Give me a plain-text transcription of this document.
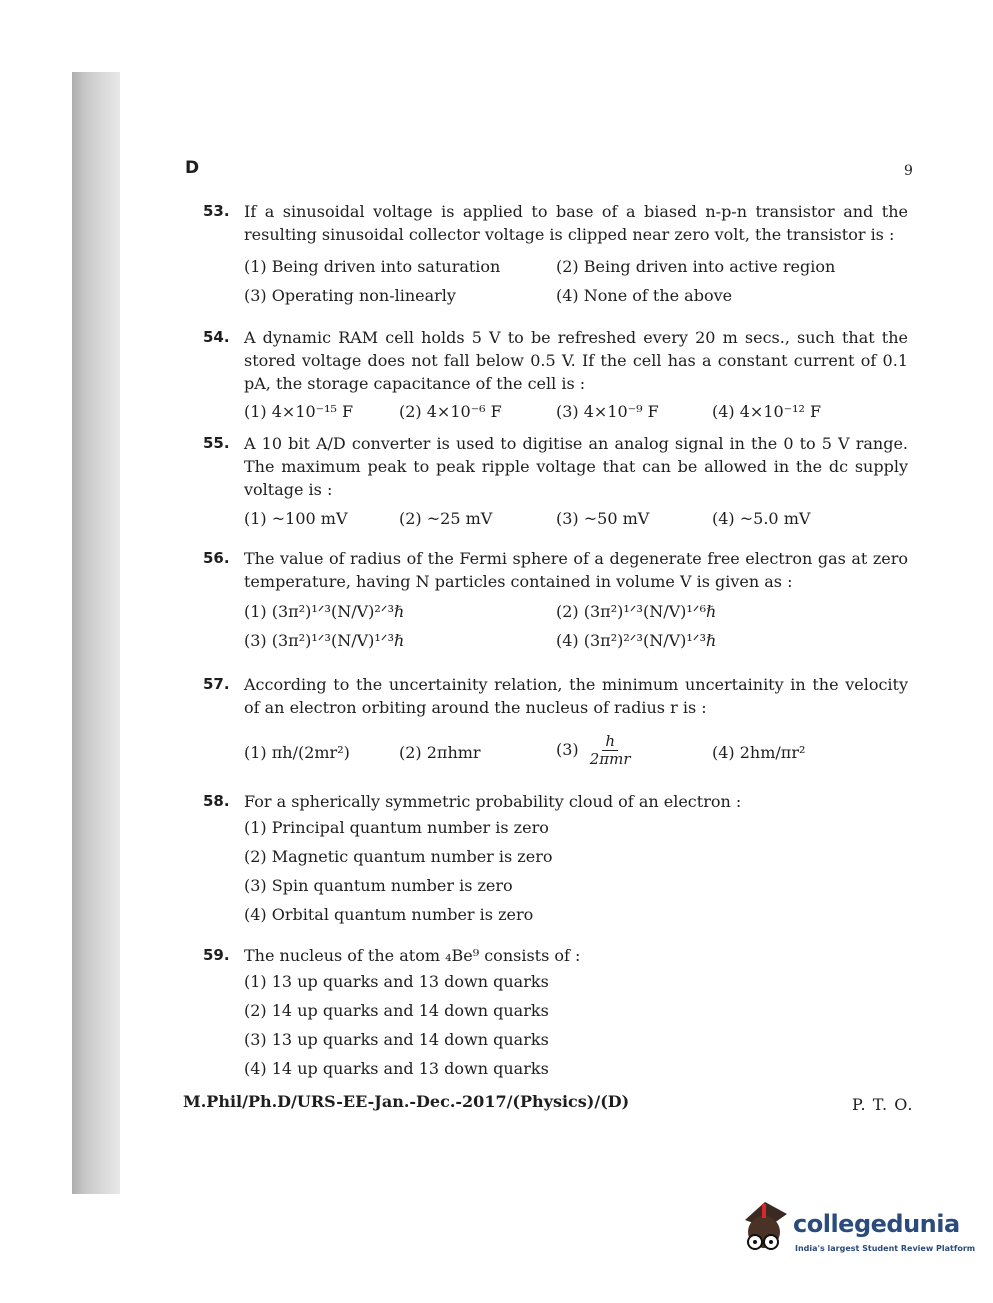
D	9
53. If a sinusoidal voltage is applied to base of a biased n-p-n transistor and the resulting sinusoidal collector voltage is clipped near zero volt, the transistor is :
(1) Being driven into saturation	(2) Being driven into active region
(3) Operating non-linearly	(4) None of the above
54. A dynamic RAM cell holds 5 V to be refreshed every 20 m secs., such that the stored voltage does not fall below 0.5 V. If the cell has a constant current of 0.1 pA, the storage capacitance of the cell is :
(1) 4×10⁻¹⁵ F	(2) 4×10⁻⁶ F	(3) 4×10⁻⁹ F	(4) 4×10⁻¹² F
55. A 10 bit A/D converter is used to digitise an analog signal in the 0 to 5 V range. The maximum peak to peak ripple voltage that can be allowed in the dc supply voltage is :
(1) ~100 mV	(2) ~25 mV	(3) ~50 mV	(4) ~5.0 mV
56. The value of radius of the Fermi sphere of a degenerate free electron gas at zero temperature, having N particles contained in volume V is given as :
(1) (3π²)¹ᐟ³(N/V)²ᐟ³ℏ	(2) (3π²)¹ᐟ³(N/V)¹ᐟ⁶ℏ
(3) (3π²)¹ᐟ³(N/V)¹ᐟ³ℏ	(4) (3π²)²ᐟ³(N/V)¹ᐟ³ℏ
57. According to the uncertainity relation, the minimum uncertainity in the velocity of an electron orbiting around the nucleus of radius r is :
(1) πh/(2mr²)	(2) 2πhmr	$(3) \frac{h}{\text{2πmr}}$	(4) 2hm/πr²
58. For a spherically symmetric probability cloud of an electron :
(1) Principal quantum number is zero
(2) Magnetic quantum number is zero
(3) Spin quantum number is zero
(4) Orbital quantum number is zero
59. The nucleus of the atom ₄Be⁹ consists of :
(1) 13 up quarks and 13 down quarks
(2) 14 up quarks and 14 down quarks
(3) 13 up quarks and 14 down quarks
(4) 14 up quarks and 13 down quarks
M.Phil/Ph.D/URS-EE-Jan.-Dec.-2017/(Physics)/(D)	P. T. O.
collegedunia
India's largest Student Review Platform
